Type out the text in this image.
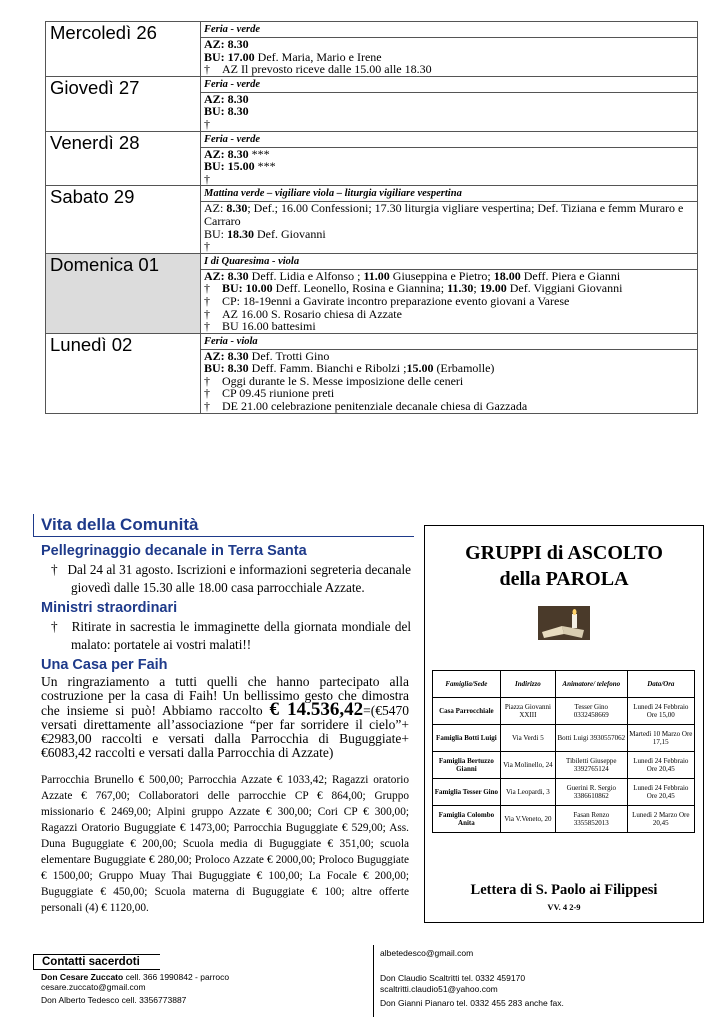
Mercoledì 26	Feria - verde

	AZ: 8.30
BU: 17.00 Def. Maria, Mario e Irene
† AZ Il prevosto riceve dalle 15.00 alle 18.30

Giovedì 27	Feria - verde

	AZ: 8.30
BU: 8.30
†

Venerdì 28	Feria - verde

	AZ: 8.30 ***
BU: 15.00 ***
†

Sabato 29	Mattina verde – vigiliare viola – liturgia vigiliare vespertina

	AZ: 8.30; Def.; 16.00 Confessioni; 17.30 liturgia vigliare vespertina; Def. Tiziana e femm Muraro e Carraro
BU: 18.30 Def. Giovanni
†

Domenica 01	I di Quaresima - viola

	AZ: 8.30 Deff. Lidia e Alfonso ; 11.00 Giuseppina e Pietro; 18.00 Deff. Piera e Gianni
† BU: 10.00 Deff. Leonello, Rosina e Giannina; 11.30; 19.00 Def. Viggiani Giovanni
† CP: 18-19enni a Gavirate incontro preparazione evento giovani a Varese
† AZ 16.00 S. Rosario chiesa di Azzate
† BU 16.00 battesimi

Lunedì 02	Feria - viola

	AZ: 8.30 Def. Trotti Gino
BU: 8.30 Deff. Famm. Bianchi e Ribolzi ;15.00 (Erbamolle)
† Oggi durante le S. Messe imposizione delle ceneri
† CP 09.45 riunione preti
† DE 21.00 celebrazione penitenziale decanale chiesa di Gazzada
Vita della Comunità
Pellegrinaggio decanale in Terra Santa
†   Dal 24 al 31 agosto. Iscrizioni e informazioni segreteria decanale giovedì dalle 15.30 alle 18.00 casa parrocchiale Azzate.
Ministri straordinari
†   Ritirate in sacrestia le immaginette della giornata mondiale del malato: portatele ai vostri malati!!
Una Casa per Faih
Un ringraziamento a tutti quelli che hanno partecipato alla costruzione per la casa di Faih! Un bellissimo gesto che dimostra che insieme si può! Abbiamo raccolto € 14.536,42=(€5470 versati direttamente all’associazione “per far sorridere il cielo”+€2983,00 raccolti e versati dalla Parrocchia di Buguggiate+€6083,42 raccolti e versati dalla Parrocchia di Azzate)
Parrocchia Brunello € 500,00; Parrocchia Azzate € 1033,42; Ragazzi oratorio Azzate € 767,00; Collaboratori delle parrocchie CP € 864,00; Gruppo missionario € 2469,00; Alpini gruppo Azzate € 300,00; Cori CP € 300,00; Ragazzi Oratorio Buguggiate € 1473,00; Parrocchia Buguggiate € 529,00; Ass. Duna Buguggiate € 200,00; Scuola media di Buguggiate € 351,00; scuola elementare Buguggiate € 280,00; Proloco Azzate € 2000,00; Proloco Buguggiate € 1500,00; Gruppo Muay Thai Buguggiate € 100,00; La Focale € 200,00; Buguggiate € 450,00; Scuola materna di Buguggiate € 100; altre offerte personali (4) € 1120,00.
GRUPPI di ASCOLTO
della PAROLA
Famiglia/Sede	Indirizzo	Animatore/ telefono	Data/Ora
Casa Parrocchiale	Piazza Giovanni XXIII	Tesser Gino 0332458669	Lunedì 24 Febbraio Ore 15,00
Famiglia Botti Luigi	Via Verdi 5	Botti Luigi 3930557062	Martedì 10 Marzo Ore 17,15
Famiglia Bertuzzo Gianni	Via Molinello, 24	Tibiletti Giuseppe 3392765124	Lunedì 24 Febbraio Ore 20,45
Famiglia Tesser Gino	Via Leopardi, 3	Guerini R. Sergio 3386610862	Lunedì 24 Febbraio Ore 20,45
Famiglia Colombo Anita	Via V.Veneto, 20	Fasan Renzo 3355852013	Lunedì 2 Marzo Ore 20,45
Lettera di S. Paolo ai Filippesi
VV. 4 2-9
Contatti sacerdoti
Don Cesare Zuccato cell. 366 1990842 - parroco
cesare.zuccato@gmail.com
Don Alberto Tedesco cell. 3356773887
albetedesco@gmail.com
Don Claudio Scaltritti tel. 0332 459170
scaltritti.claudio51@yahoo.com
Don Gianni Pianaro tel. 0332 455 283 anche fax.
